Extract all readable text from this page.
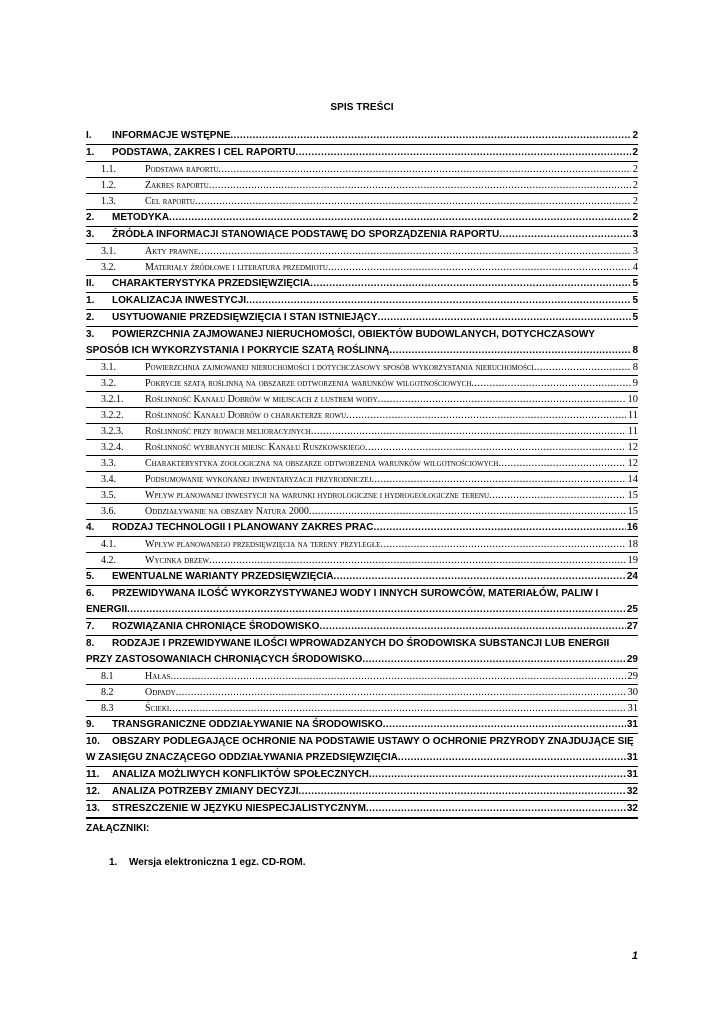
SPIS TREŚCI
I.	INFORMACJE WSTĘPNE .....	2
1.	PODSTAWA, ZAKRES I CEL RAPORTU .....	2
1.1.	Podstawa raportu .....	2
1.2.	Zakres raportu .....	2
1.3.	Cel raportu .....	2
2.	METODYKA .....	2
3.	ŹRÓDŁA INFORMACJI STANOWIĄCE PODSTAWĘ DO SPORZĄDZENIA RAPORTU .....	3
3.1.	Akty prawne .....	3
3.2.	Materiały źródłowe i literatura przedmiotu .....	4
II.	CHARAKTERYSTYKA PRZEDSIĘWZIĘCIA .....	5
1.	LOKALIZACJA INWESTYCJI .....	5
2.	USYTUOWANIE PRZEDSIĘWZIĘCIA I STAN ISTNIEJĄCY .....	5
3.	POWIERZCHNIA ZAJMOWANEJ NIERUCHOMOŚCI, OBIEKTÓW BUDOWLANYCH, DOTYCHCZASOWY
SPOSÓB ICH WYKORZYSTANIA I POKRYCIE SZATĄ ROŚLINNĄ .....	8
3.1.	Powierzchnia zajmowanej nieruchomości i dotychczasowy sposób wykorzystania nieruchomości .....	8
3.2.	Pokrycie szatą roślinną na obszarze odtworzenia warunków wilgotnościowych .....	9
3.2.1.	Roślinność Kanału Dobrów w miejscach z lustrem wody .....	10
3.2.2.	Roślinność Kanału Dobrów o charakterze rowu .....	11
3.2.3.	Roślinność przy rowach melioracyjnych .....	11
3.2.4.	Roślinność wybranych miejsc Kanału Ruszkowskiego .....	12
3.3.	Charakterystyka zoologiczna na obszarze odtworzenia warunków wilgotnościowych .....	12
3.4.	Podsumowanie wykonanej inwentaryzacji przyrodniczej .....	14
3.5.	Wpływ planowanej inwestycji na warunki hydrologiczne i hydrogeologiczne terenu .....	15
3.6.	Oddziaływanie na obszary Natura 2000 .....	15
4.	RODZAJ TECHNOLOGII I PLANOWANY ZAKRES PRAC .....	16
4.1.	Wpływ planowanego przedsięwzięcia na tereny przyległe .....	18
4.2.	Wycinka drzew .....	19
5.	EWENTUALNE WARIANTY PRZEDSIĘWZIĘCIA .....	24
6.	PRZEWIDYWANA ILOŚĆ WYKORZYSTYWANEJ WODY I INNYCH SUROWCÓW, MATERIAŁÓW, PALIW I
ENERGII .....	25
7.	ROZWIĄZANIA CHRONIĄCE ŚRODOWISKO .....	27
8.	RODZAJE I PRZEWIDYWANE ILOŚCI WPROWADZANYCH DO ŚRODOWISKA SUBSTANCJI LUB ENERGII
PRZY ZASTOSOWANIACH CHRONIĄCYCH ŚRODOWISKO .....	29
8.1	Hałas .....	29
8.2	Odpady .....	30
8.3	Ścieki .....	31
9.	TRANSGRANICZNE ODDZIAŁYWANIE NA ŚRODOWISKO .....	31
10.	OBSZARY PODLEGAJĄCE OCHRONIE NA PODSTAWIE USTAWY O OCHRONIE PRZYRODY ZNAJDUJĄCE SIĘ
W ZASIĘGU ZNACZĄCEGO ODDZIAŁYWANIA PRZEDSIĘWZIĘCIA .....	31
11.	ANALIZA MOŻLIWYCH KONFLIKTÓW SPOŁECZNYCH .....	31
12.	ANALIZA POTRZEBY ZMIANY DECYZJI .....	32
13.	STRESZCZENIE W JĘZYKU NIESPECJALISTYCZNYM .....	32
ZAŁĄCZNIKI:
1. Wersja elektroniczna 1 egz. CD-ROM.
1
